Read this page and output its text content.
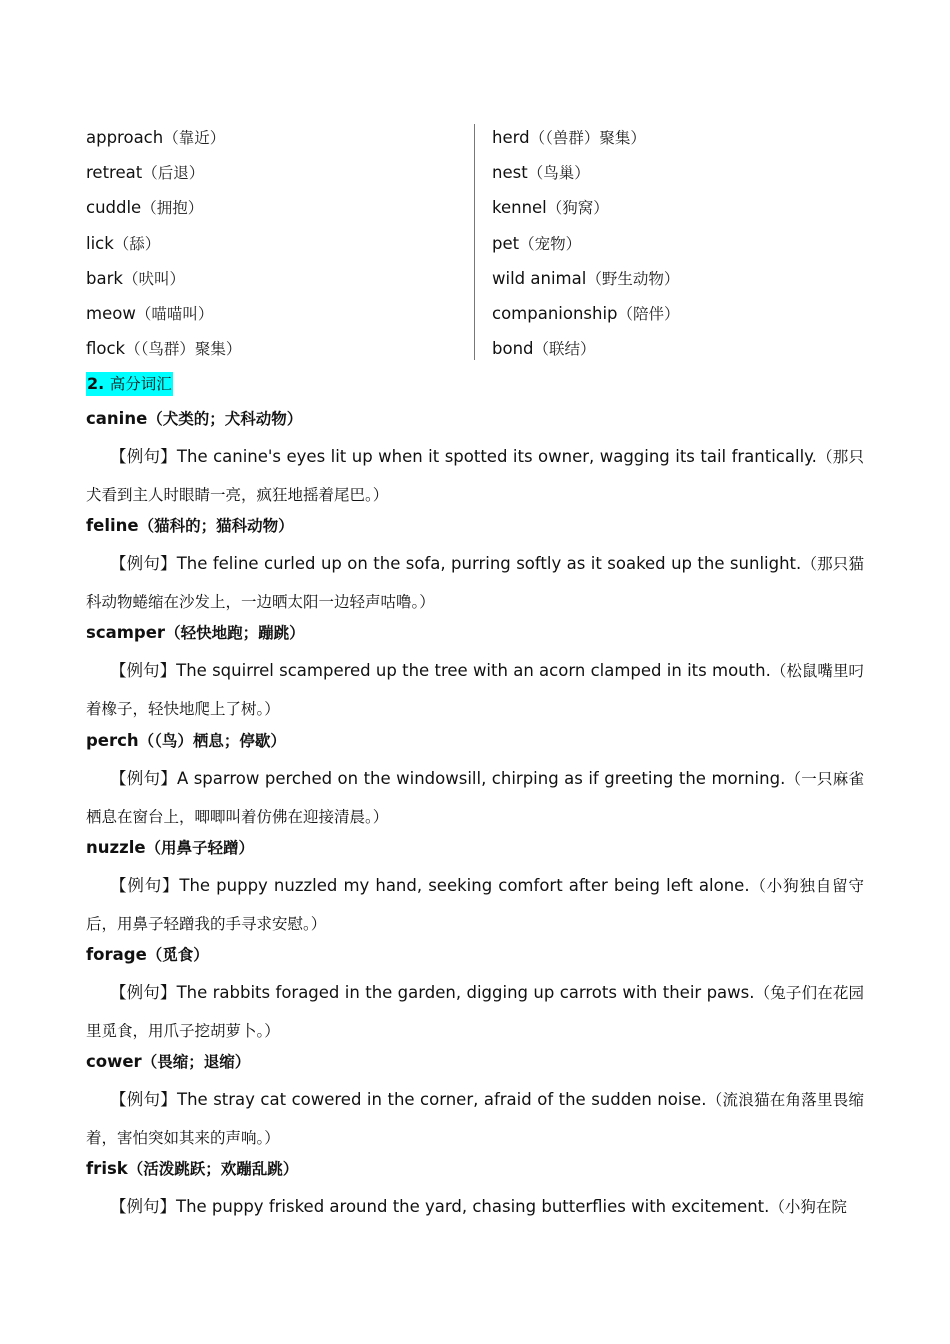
approach（靠近）
retreat（后退）
cuddle（拥抱）
lick（舔）
bark（吠叫）
meow（喵喵叫）
flock（（鸟群）聚集）
herd（（兽群）聚集）
nest（鸟巢）
kennel（狗窝）
pet（宠物）
wild animal（野生动物）
companionship（陪伴）
bond（联结）
2. 高分词汇
canine（犬类的；犬科动物）
【例句】The canine's eyes lit up when it spotted its owner, wagging its tail frantically.（那只犬看到主人时眼睛一亮，疯狂地摇着尾巴。）
feline（猫科的；猫科动物）
【例句】The feline curled up on the sofa, purring softly as it soaked up the sunlight.（那只猫科动物蜷缩在沙发上，一边晒太阳一边轻声咕噜。）
scamper（轻快地跑；蹦跳）
【例句】The squirrel scampered up the tree with an acorn clamped in its mouth.（松鼠嘴里叼着橡子，轻快地爬上了树。）
perch（（鸟）栖息；停歇）
【例句】A sparrow perched on the windowsill, chirping as if greeting the morning.（一只麻雀栖息在窗台上，唧唧叫着仿佛在迎接清晨。）
nuzzle（用鼻子轻蹭）
【例句】The puppy nuzzled my hand, seeking comfort after being left alone.（小狗独自留守后，用鼻子轻蹭我的手寻求安慰。）
forage（觅食）
【例句】The rabbits foraged in the garden, digging up carrots with their paws.（兔子们在花园里觅食，用爪子挖胡萝卜。）
cower（畏缩；退缩）
【例句】The stray cat cowered in the corner, afraid of the sudden noise.（流浪猫在角落里畏缩着，害怕突如其来的声响。）
frisk（活泼跳跃；欢蹦乱跳）
【例句】The puppy frisked around the yard, chasing butterflies with excitement.（小狗在院
